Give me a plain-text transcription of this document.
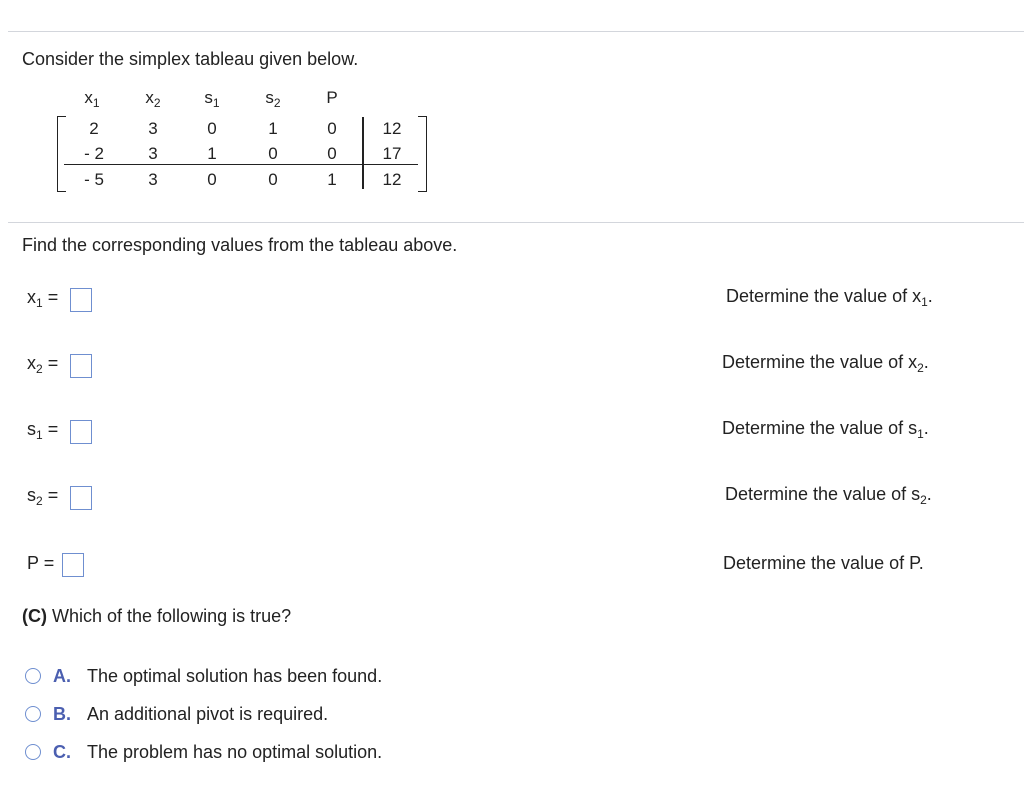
Consider the simplex tableau given below.
$x_1$	$x_2$	$s_1$	$s_2$	P
2	3	0	1	0	12
- 2	3	1	0	0	17
- 5	3	0	0	1	12
Find the corresponding values from the tableau above.
$x_1$ =	Determine the value of $x_1$.
$x_2$ =	Determine the value of $x_2$.
$s_1$ =	Determine the value of $s_1$.
$s_2$ =	Determine the value of $s_2$.
P =	Determine the value of P.
(C) Which of the following is true?
A. The optimal solution has been found.
B. An additional pivot is required.
C. The problem has no optimal solution.
